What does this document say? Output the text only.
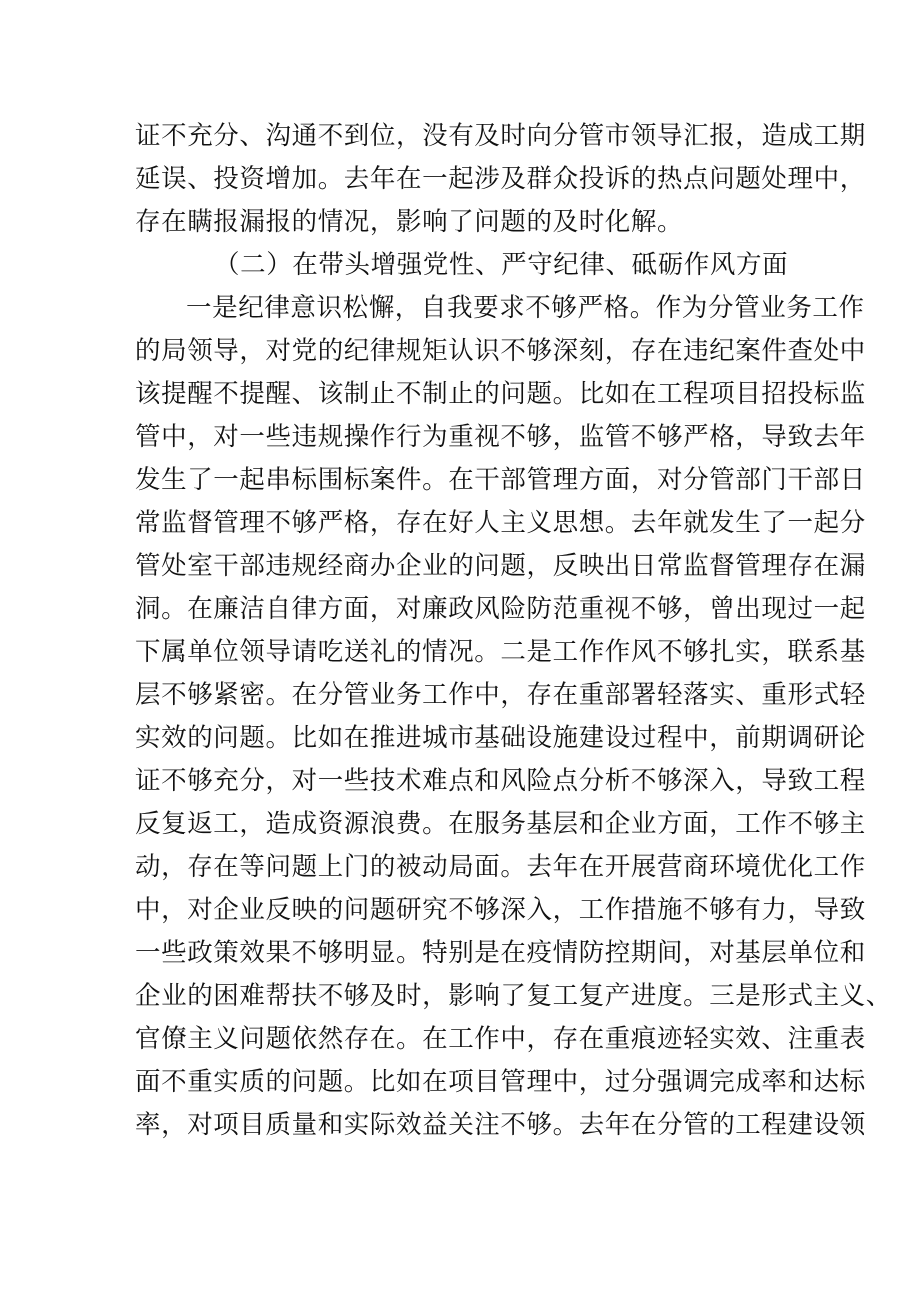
证不充分、沟通不到位，没有及时向分管市领导汇报，造成工期
延误、投资增加。去年在一起涉及群众投诉的热点问题处理中，
存在瞒报漏报的情况，影响了问题的及时化解。
（二）在带头增强党性、严守纪律、砥砺作风方面
一是纪律意识松懈，自我要求不够严格。作为分管业务工作
的局领导，对党的纪律规矩认识不够深刻，存在违纪案件查处中
该提醒不提醒、该制止不制止的问题。比如在工程项目招投标监
管中，对一些违规操作行为重视不够，监管不够严格，导致去年
发生了一起串标围标案件。在干部管理方面，对分管部门干部日
常监督管理不够严格，存在好人主义思想。去年就发生了一起分
管处室干部违规经商办企业的问题，反映出日常监督管理存在漏
洞。在廉洁自律方面，对廉政风险防范重视不够，曾出现过一起
下属单位领导请吃送礼的情况。二是工作作风不够扎实，联系基
层不够紧密。在分管业务工作中，存在重部署轻落实、重形式轻
实效的问题。比如在推进城市基础设施建设过程中，前期调研论
证不够充分，对一些技术难点和风险点分析不够深入，导致工程
反复返工，造成资源浪费。在服务基层和企业方面，工作不够主
动，存在等问题上门的被动局面。去年在开展营商环境优化工作
中，对企业反映的问题研究不够深入，工作措施不够有力，导致
一些政策效果不够明显。特别是在疫情防控期间，对基层单位和
企业的困难帮扶不够及时，影响了复工复产进度。三是形式主义、
官僚主义问题依然存在。在工作中，存在重痕迹轻实效、注重表
面不重实质的问题。比如在项目管理中，过分强调完成率和达标
率，对项目质量和实际效益关注不够。去年在分管的工程建设领
